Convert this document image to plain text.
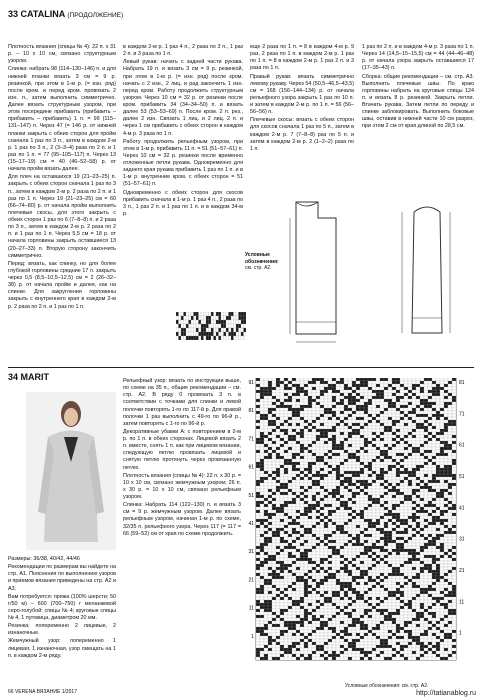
33 CATALINA (ПРОДОЛЖЕНИЕ)

Плотность вязания (спицы № 4): 22 п. x 31 р. – 10 x 10 см, связано структурным узором.

Спинка: набрать 98 (114–130–146) п. и для нижней планки вязать 3 см = 9 р. резинкой, при этом в 1-м р. (= изн. ряд) после кром. и перед кром. провязать 2 изн. п., затем выполнить симметрично. Далее вязать структурным узором, при этом посередине прибавить (прибавить – прибавить – прибавить) 1 п. = 99 (115–131–147) п. Через 47 (= 146 р. от нижней планки закрыть с обеих сторон для пройм сначала 1 раз по 3 п., затем в каждом 2-м р. 1 раз по 3 п., 2 (3–3–4) раза по 2 п. и 1 раз по 1 п. = 77 (95–105–117) п. Через 13 (15–17–19) см = 40 (46–52–58) р. от начала пройм вязать далее.

Для плеч на оставшихся 19 (21–23–25) п. закрыть с обеих сторон сначала 1 раз по 3 п., затем в каждом 2-м р. 2 раза по 2 п. и 1 раз по 1 п. Через 19 (21–23–25) см = 60 (66–74–80) р. от начала пройм выполнить плечевые скосы, для этого закрыть с обеих сторон 1 раз по 6 (7–8–8) п. и 2 раза по 3 п., затем в каждом 2-м р. 2 раза по 2 п. и 1 раз по 1 п. Через 5,5 см = 18 р. от начала горловины закрыть оставшиеся 13 (20–27–33) п. Вторую сторону закончить симметрично.

Перед: вязать, как спинку, но для более глубокой горловины средние 17 п. закрыть через 0,5 (8,5–10,5–12,5) см = 2 (26–32–38) р. от начала пройм и далее, как на спинке. Для закругления горловины закрыть с внутреннего края в каждом 2-м р. 2 раза по 2 п. и 1 раз по 1 п.

в каждом 2-м р. 1 раз 4 п., 2 раза по 3 п., 1 раз 2 п. и 3 раза по 1 п.

Левый рукав: начать с задней части рукава. Набрать 19 п. и вязать 3 см = 9 р. резинкой, при этом в 1-м р. (= изн. ряд) после кром. начать с 2 изн., 2 лиц. и рад закончить 1 изн. перед кром. Работу продолжить структурным узором. Через 10 см = 32 р. от резинки после кром. прибавить 34 (34–34–50) п. и вязать далее 53 (53–53–69) п. После кром. 2 п. рез., далее 2 изн. Связать 1 лиц. и 2 лиц. 2 п. и через 1 см прибавить с обеих сторон в каждом 4-м р. 3 раза по 1 п.

Работу продолжить рельефным узором, при этом в 1-м р. прибавить 11 п. = 51 (51–57–61) п. Через 10 см = 32 р. резинки после временно отложенные петли рукава. Одновременно для заднего края рукава прибавить 1 раз по 1 п. и в 1-м р. внутренние кром. с обеих сторон = 51 (51–57–61) п.

Одновременно с обеих сторон для скосов прибавить сначала в 1-м р. 1 раз 4 п., 2 раза по 3 п., 1 раз 2 п. и 1 раз по 1 п. и в каждом 34-м р.

еще 2 раза по 1 п. = 8 в каждом 4-м р. 9 раз, 2 раза по 1 п. в каждом 2-м р. 1 раз по 1 п. = 8 в каждом 2-м р. 1 раз 2 п. и 3 раза по 1 п.

Правый рукав: вязать симметрично левому рукаву. Через 54 (50,5–46,5–43,5) см = 168 (156–144–134) р. от начала рельефного узора закрыть 1 раз по 10 п. и затем в каждом 2-м р. по 1 п. = 56 (56–56–56) п.

Плечевые скосы: вязать с обеих сторон для скосов сначала 1 раз по 5 п., затем в каждом 2-м р. 7 (7–8–8) раз по 5 п. и затем в каждом 2-м р. 2 (1–2–2) раза по 1 п.

1 раз по 2 п. и в каждом 4-м р. 3 раза по 1 п. Через 14 (14,5–15–15,5) см = 44 (44–46–48) р. от начала узора закрыть оставшиеся 17 (17–35–43) п.

Сборка: общие рекомендации – см. стр. А3. Выполнить плечевые швы. По краю горловины набрать на круговые спицы 124 п. и вязать 8 р. резинкой. Закрыть петли. Втачать рукава. Затем петли по переду и спинке заблокировать. Выполнить боковые швы, оставив в нижней части 10 см разрез, при этом 2 см от края длиной по 28,5 см.

Условные обозначения:
см. стр. А2.
34 MARIT

Размеры: 36/38, 40/42, 44/46

Рекомендации по размерам вы найдете на стр. А1. Пояснения по выполнению узоров и приемов вязания приведены на стр. А2 и А3.

Вам потребуется: пряжа (100% шерсти; 50 г/50 м) – 600 (700–750) г меланжевой серо-голубой; спицы № 4; круговые спицы № 4, 1 пуговица, диаметром 20 мм.

Резинка: попеременно 2 лицевые, 2 изнаночные.

Жемчужный узор: попеременно 1 лицевая, 1 изнаночная, узор смещать на 1 п. в каждом 2-м ряду.

Рельефный узор: вязать по инструкции выше, по схеме на 35 п., общие рекомендации – см. стр. А2. В ряду 0 провязать 3 п. в соответствии с точками для спинки и левой полочки повторять 1-го по 117-й р. Для правой полочки 1 раз выполнить с 49-го по 96-й р., затем повторять с 1-го по 96-й р.

Декоративные убавки А: с повторением в 2-м р. по 1 п. в обеих сторонах. Лицевой вязать 2 п. вместе, снять 1 п. как при лицевом вязании, следующую петлю провязать лицевой и снятую петлю протянуть через провязанную петлю.

Плотность вязания (спицы № 4): 22 п. x 30 р. = 10 x 10 см, связано жемчужным узором; 26 п. x 30 р. = 10 x 10 см, связано рельефным узором.

Спинка: Набрать 114 (122–130) п. и вязать 3 см = 9 р. жемчужным узором. Далее вязать рельефным узором, начиная 1-м р. по схеме, 32/35 п. рельефного узора. Через 117 (= 117 = 66 (59–52) см от края по схеме продолжить.

91
81
71
61
51
41
31
21
11
1
81
71
61
51
41
31
21
11
1
Условные обозначения: см. стр. А2.
66 VERENA ВЯЗАНИЕ 1/2017	http://tatianablog.ru
